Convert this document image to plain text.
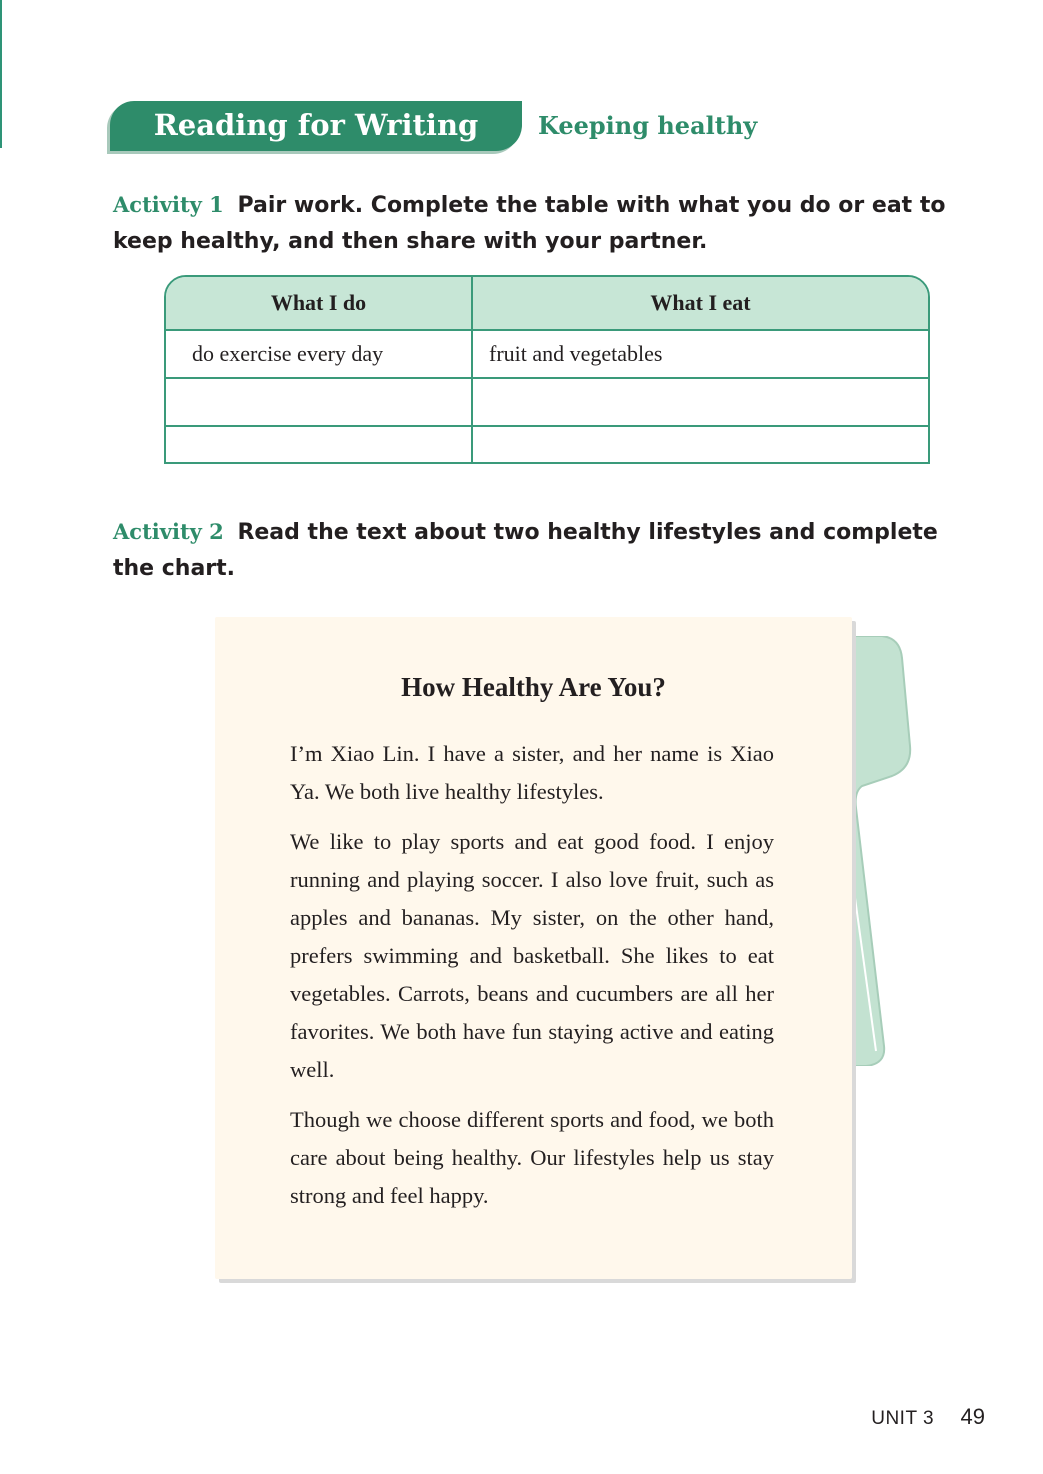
Reading for Writing	Keeping healthy
Activity 1 Pair work. Complete the table with what you do or eat to keep healthy, and then share with your partner.
What I do	What I eat
do exercise every day	fruit and vegetables

Activity 2 Read the text about two healthy lifestyles and complete the chart.
How Healthy Are You?

I’m Xiao Lin. I have a sister, and her name is Xiao Ya. We both live healthy lifestyles.

We like to play sports and eat good food. I enjoy running and playing soccer. I also love fruit, such as apples and bananas. My sister, on the other hand, prefers swimming and basketball. She likes to eat vegetables. Carrots, beans and cucumbers are all her favorites. We both have fun staying active and eating well.

Though we choose different sports and food, we both care about being healthy. Our lifestyles help us stay strong and feel happy.

UNIT 3 49
